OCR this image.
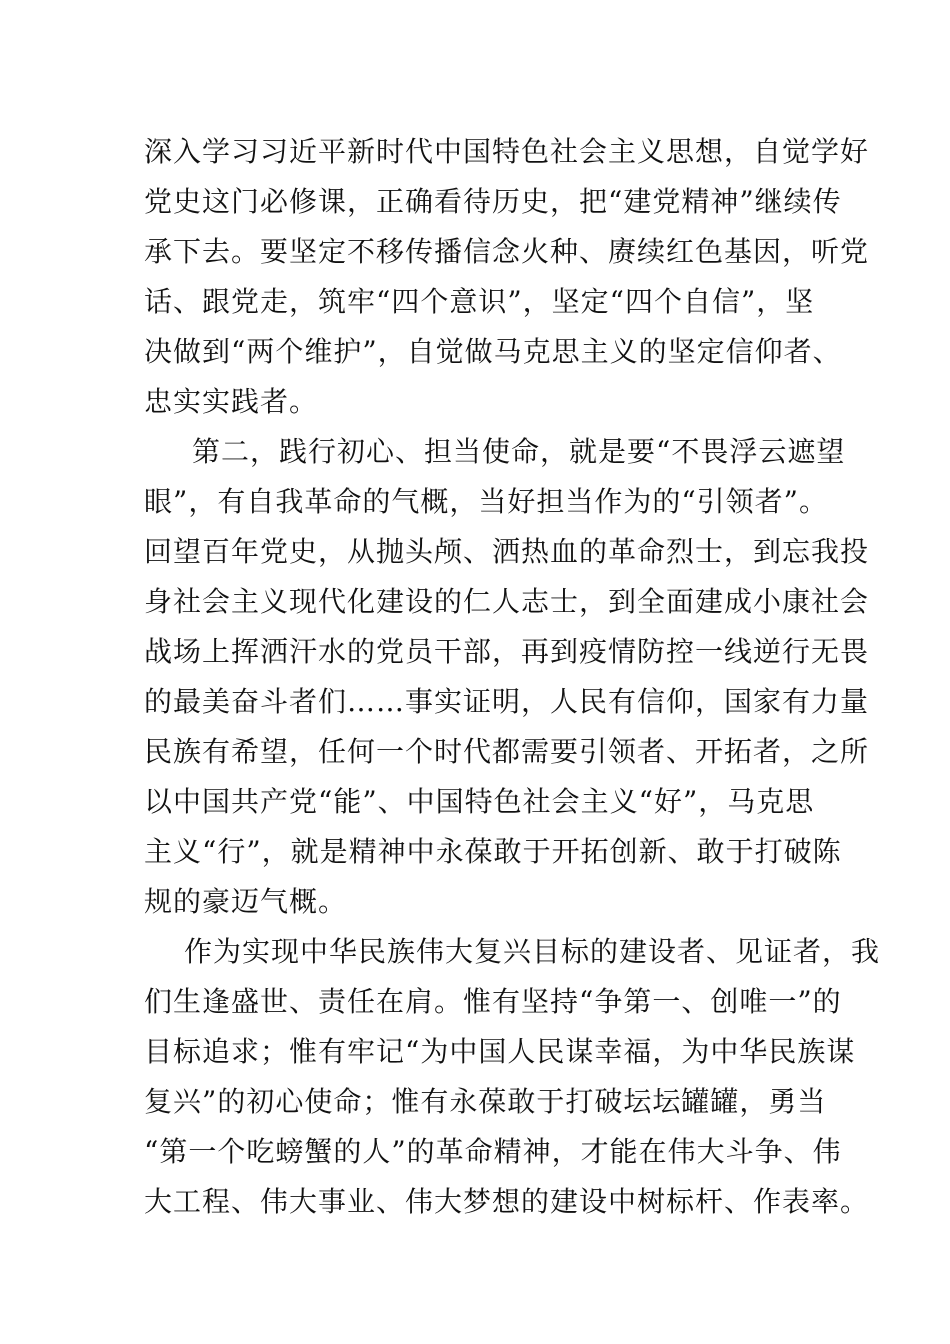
深入学习习近平新时代中国特色社会主义思想，自觉学好
党史这门必修课，正确看待历史，把“建党精神”继续传
承下去。要坚定不移传播信念火种、赓续红色基因，听党
话、跟党走，筑牢“四个意识”，坚定“四个自信”，坚
决做到“两个维护”，自觉做马克思主义的坚定信仰者、
忠实实践者。
第二，践行初心、担当使命，就是要“不畏浮云遮望
眼”，有自我革命的气概，当好担当作为的“引领者”。
回望百年党史，从抛头颅、洒热血的革命烈士，到忘我投
身社会主义现代化建设的仁人志士，到全面建成小康社会
战场上挥洒汗水的党员干部，再到疫情防控一线逆行无畏
的最美奋斗者们……事实证明，人民有信仰，国家有力量
民族有希望，任何一个时代都需要引领者、开拓者，之所
以中国共产党“能”、中国特色社会主义“好”，马克思
主义“行”，就是精神中永葆敢于开拓创新、敢于打破陈
规的豪迈气概。
作为实现中华民族伟大复兴目标的建设者、见证者，我
们生逢盛世、责任在肩。惟有坚持“争第一、创唯一”的
目标追求；惟有牢记“为中国人民谋幸福，为中华民族谋
复兴”的初心使命；惟有永葆敢于打破坛坛罐罐，勇当
“第一个吃螃蟹的人”的革命精神，才能在伟大斗争、伟
大工程、伟大事业、伟大梦想的建设中树标杆、作表率。
